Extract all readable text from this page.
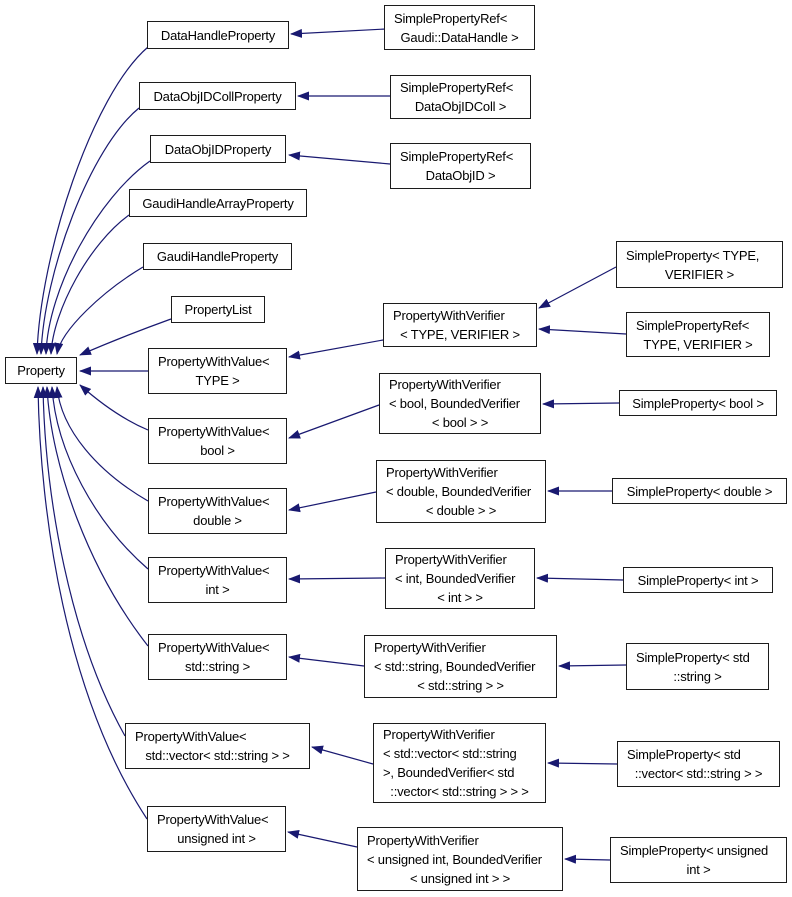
Property
DataHandleProperty
DataObjIDCollProperty
DataObjIDProperty
GaudiHandleArrayProperty
GaudiHandleProperty
PropertyList
PropertyWithValue<
TYPE >
PropertyWithValue<
bool >
PropertyWithValue<
double >
PropertyWithValue<
int >
PropertyWithValue<
std::string >
PropertyWithValue<
std::vector< std::string > >
PropertyWithValue<
unsigned int >
SimplePropertyRef<
Gaudi::DataHandle >
SimplePropertyRef<
DataObjIDColl >
SimplePropertyRef<
DataObjID >
PropertyWithVerifier
< TYPE, VERIFIER >
PropertyWithVerifier
< bool, BoundedVerifier
< bool > >
PropertyWithVerifier
< double, BoundedVerifier
< double > >
PropertyWithVerifier
< int, BoundedVerifier
< int > >
PropertyWithVerifier
< std::string, BoundedVerifier
< std::string > >
PropertyWithVerifier
< std::vector< std::string
>, BoundedVerifier< std
::vector< std::string > > >
PropertyWithVerifier
< unsigned int, BoundedVerifier
< unsigned int > >
SimpleProperty< TYPE,
VERIFIER >
SimplePropertyRef<
TYPE, VERIFIER >
SimpleProperty< bool >
SimpleProperty< double >
SimpleProperty< int >
SimpleProperty< std
::string >
SimpleProperty< std
::vector< std::string > >
SimpleProperty< unsigned
int >
